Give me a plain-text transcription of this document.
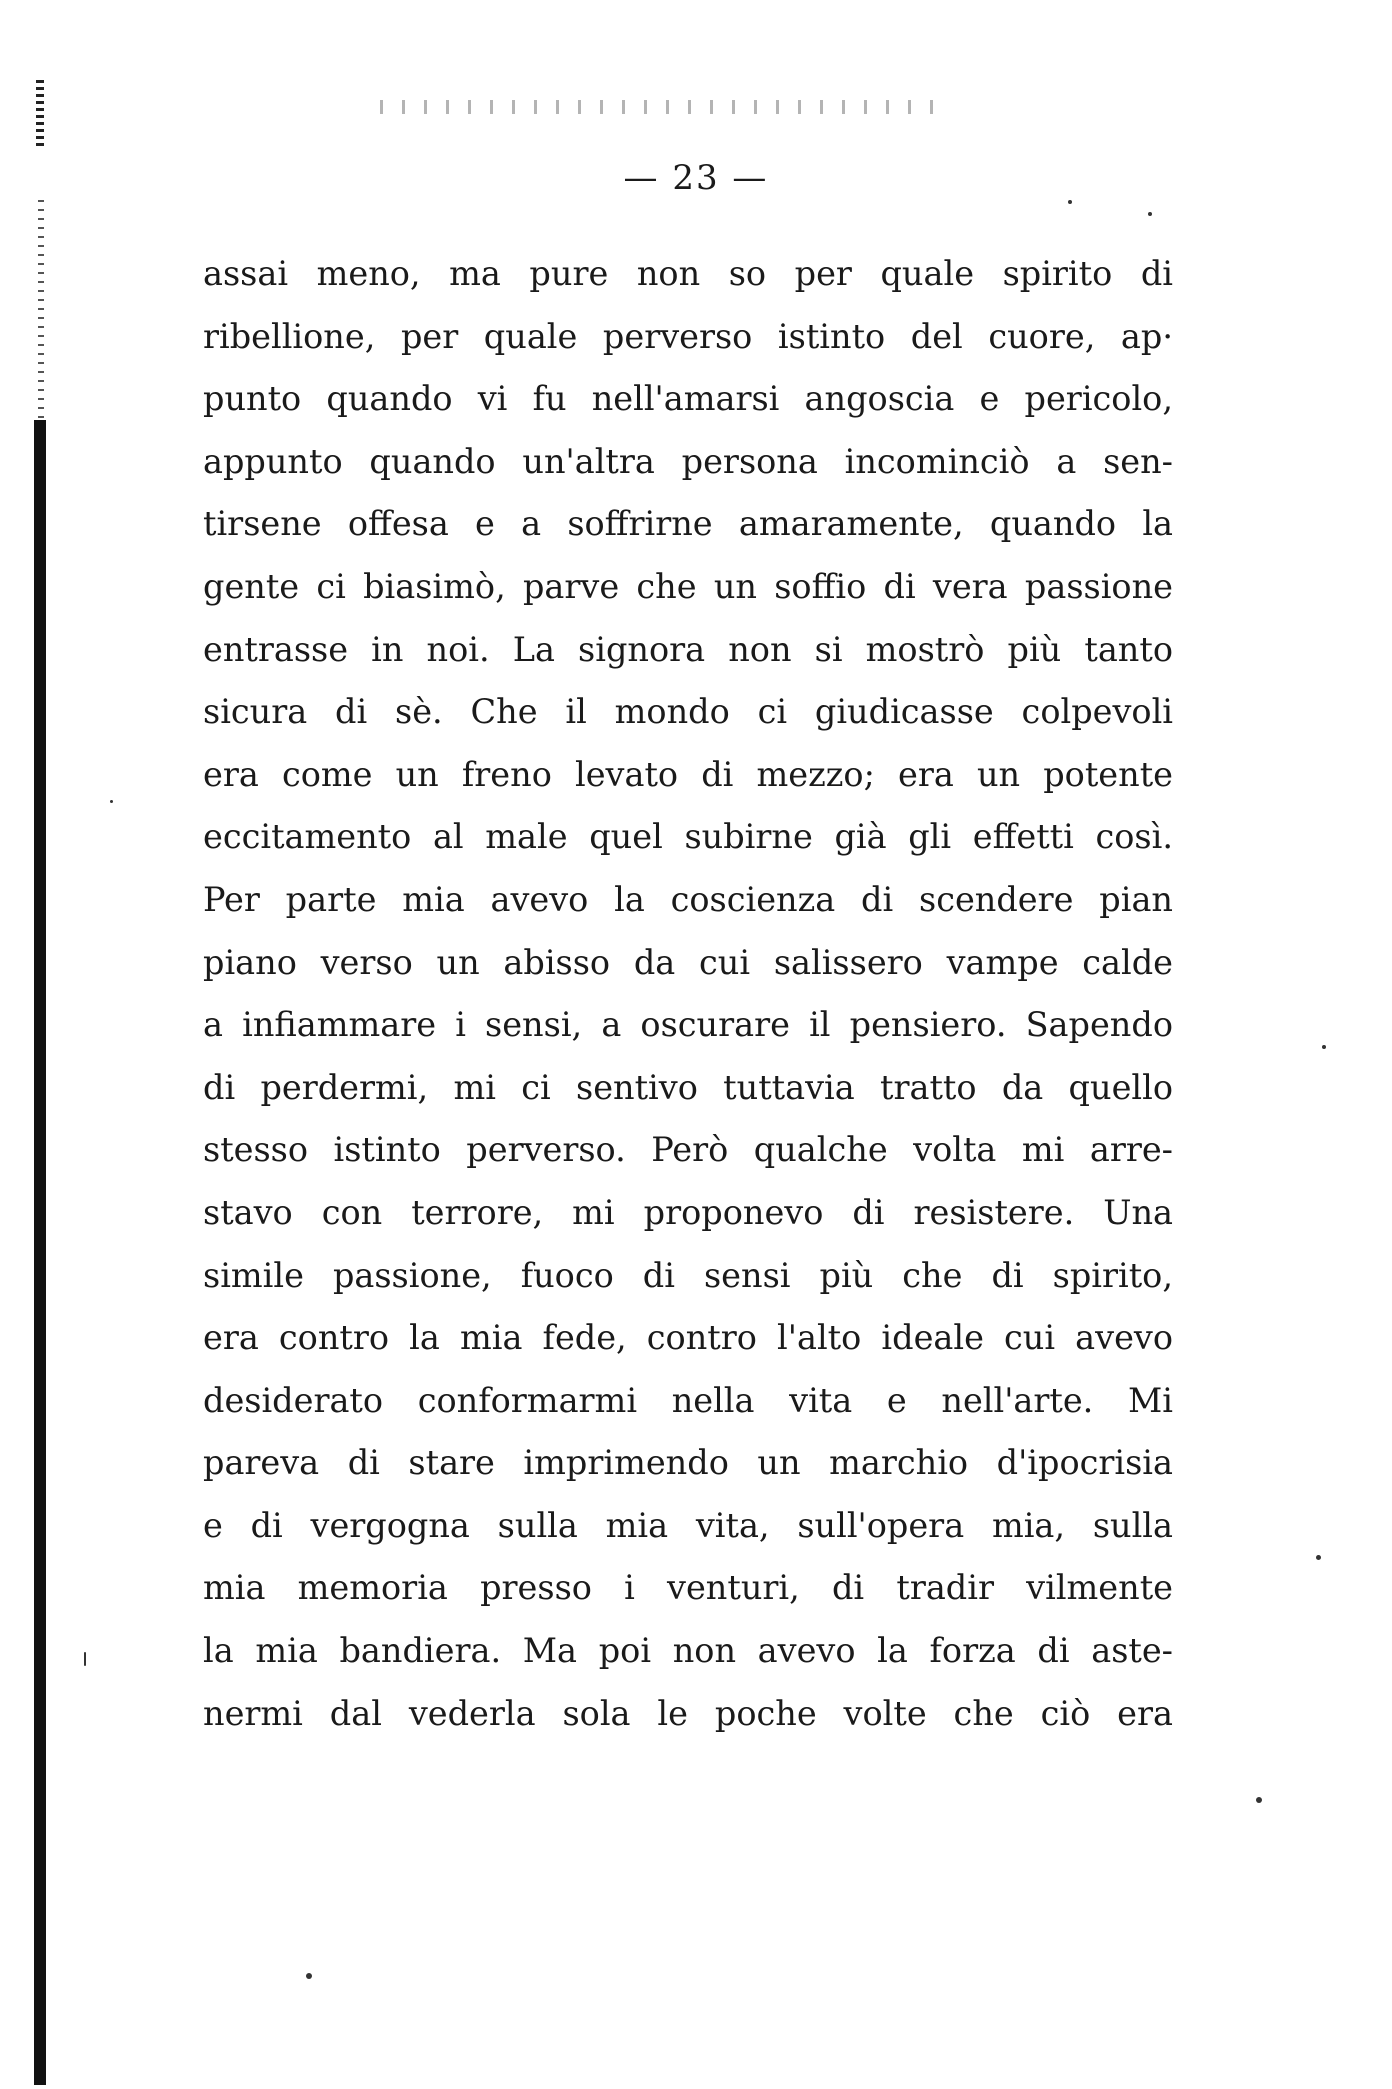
— 23 —
assai meno, ma pure non so per quale spirito di
ribellione, per quale perverso istinto del cuore, ap·
punto quando vi fu nell'amarsi angoscia e pericolo,
appunto quando un'altra persona incominciò a sen-
tirsene offesa e a soffrirne amaramente, quando la
gente ci biasimò, parve che un soffio di vera passione
entrasse in noi. La signora non si mostrò più tanto
sicura di sè. Che il mondo ci giudicasse colpevoli
era come un freno levato di mezzo; era un potente
eccitamento al male quel subirne già gli effetti così.
Per parte mia avevo la coscienza di scendere pian
piano verso un abisso da cui salissero vampe calde
a infiammare i sensi, a oscurare il pensiero. Sapendo
di perdermi, mi ci sentivo tuttavia tratto da quello
stesso istinto perverso. Però qualche volta mi arre-
stavo con terrore, mi proponevo di resistere. Una
simile passione, fuoco di sensi più che di spirito,
era contro la mia fede, contro l'alto ideale cui avevo
desiderato conformarmi nella vita e nell'arte. Mi
pareva di stare imprimendo un marchio d'ipocrisia
e di vergogna sulla mia vita, sull'opera mia, sulla
mia memoria presso i venturi, di tradir vilmente
la mia bandiera. Ma poi non avevo la forza di aste-
nermi dal vederla sola le poche volte che ciò era
